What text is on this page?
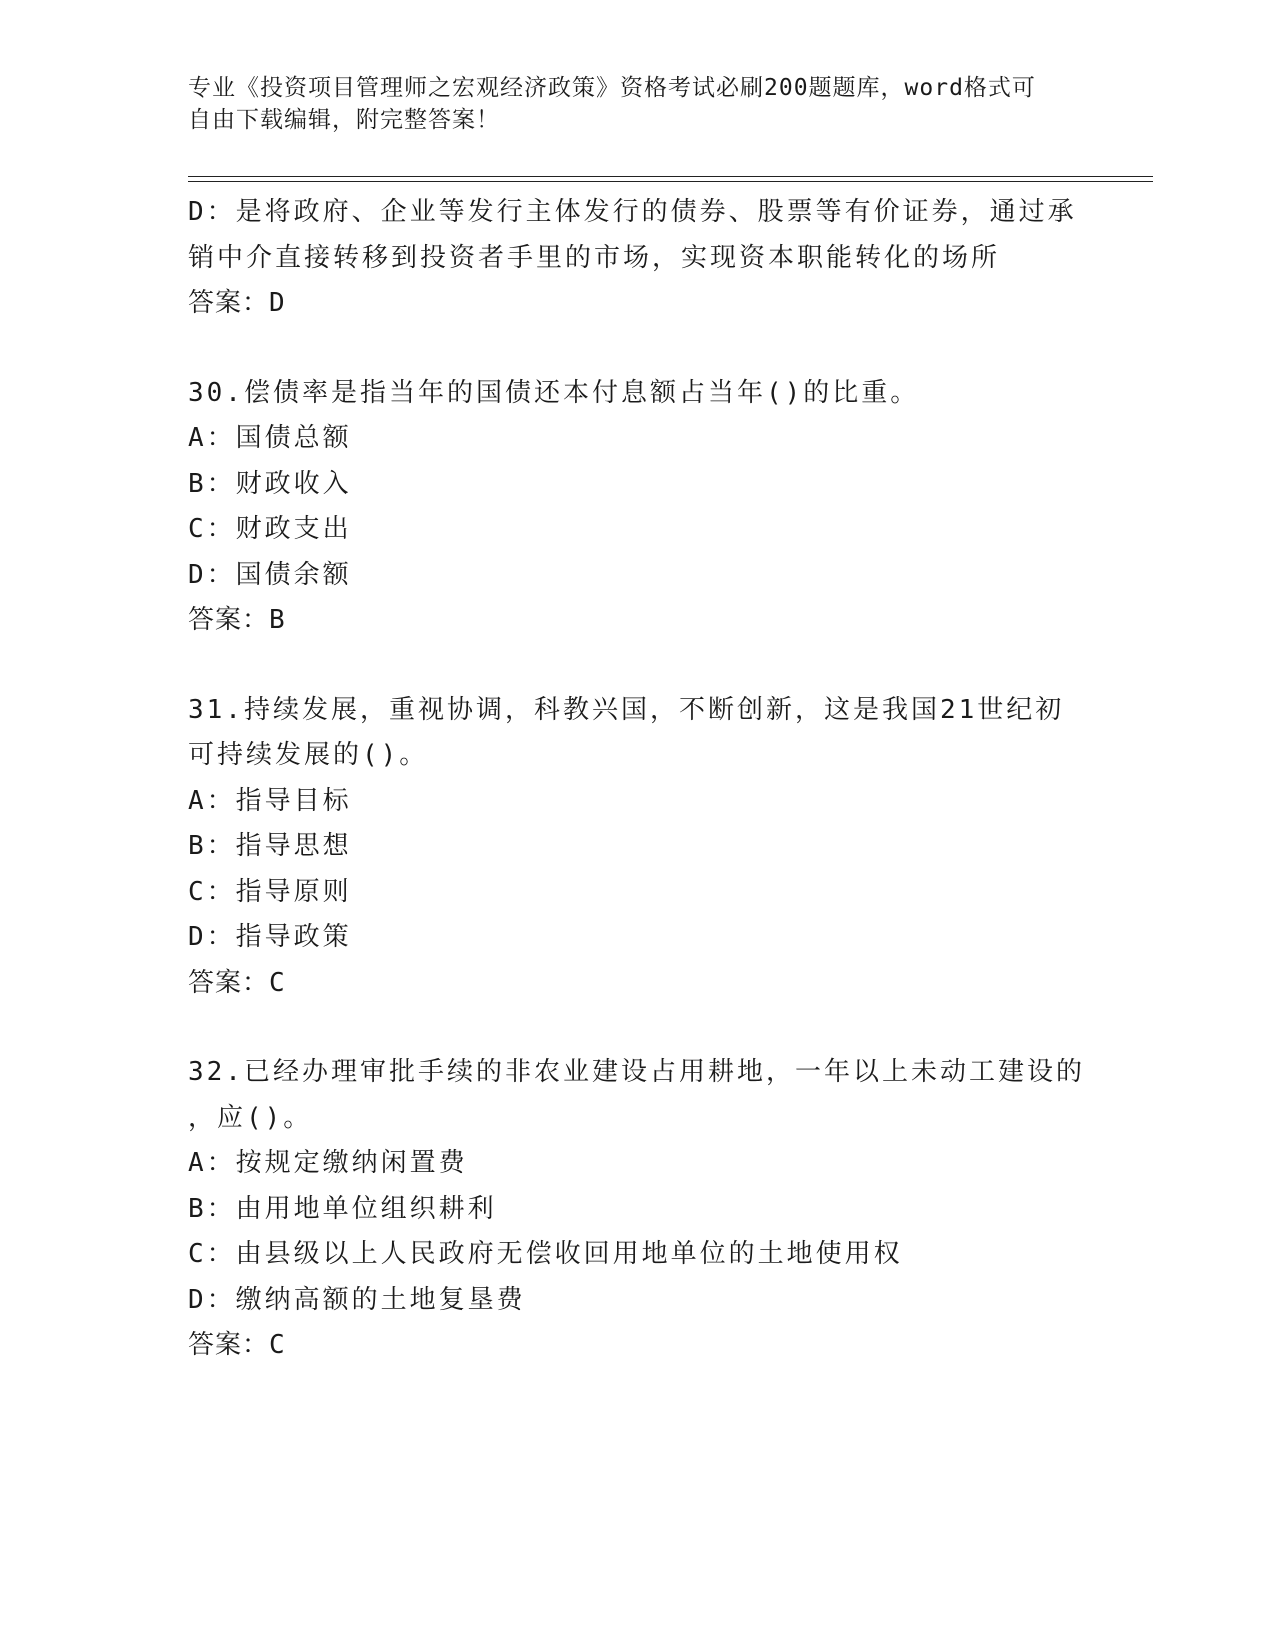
专业《投资项目管理师之宏观经济政策》资格考试必刷200题题库，word格式可
自由下载编辑，附完整答案！
D：是将政府、企业等发行主体发行的债券、股票等有价证券，通过承
销中介直接转移到投资者手里的市场，实现资本职能转化的场所
答案：D
30.偿债率是指当年的国债还本付息额占当年()的比重。
A：国债总额
B：财政收入
C：财政支出
D：国债余额
答案：B
31.持续发展，重视协调，科教兴国，不断创新，这是我国21世纪初
可持续发展的()。
A：指导目标
B：指导思想
C：指导原则
D：指导政策
答案：C
32.已经办理审批手续的非农业建设占用耕地，一年以上未动工建设的
，应()。
A：按规定缴纳闲置费
B：由用地单位组织耕利
C：由县级以上人民政府无偿收回用地单位的土地使用权
D：缴纳高额的土地复垦费
答案：C
